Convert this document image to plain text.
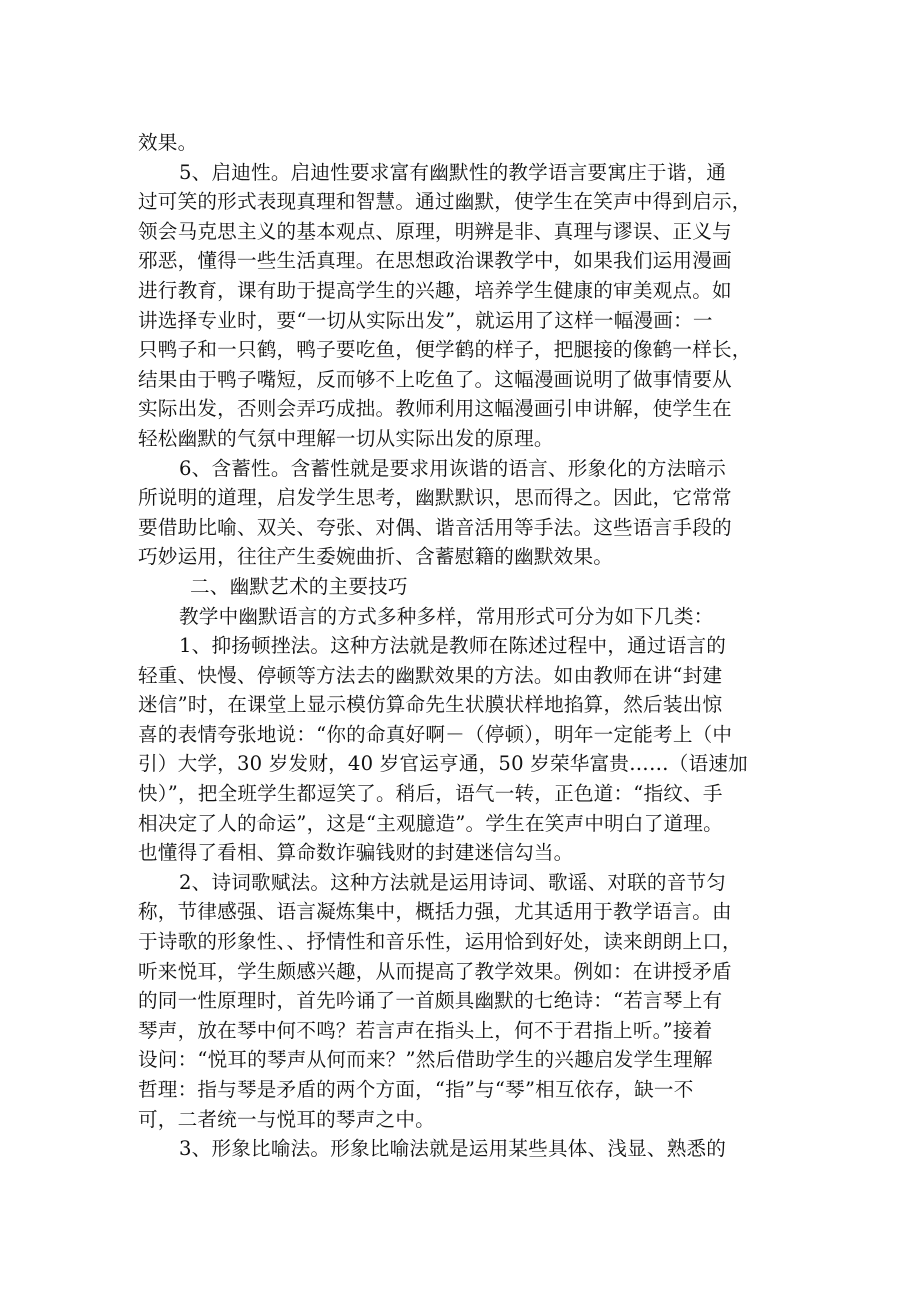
效果。
5、启迪性。启迪性要求富有幽默性的教学语言要寓庄于谐，通
过可笑的形式表现真理和智慧。通过幽默，使学生在笑声中得到启示，
领会马克思主义的基本观点、原理，明辨是非、真理与谬误、正义与
邪恶，懂得一些生活真理。在思想政治课教学中，如果我们运用漫画
进行教育，课有助于提高学生的兴趣，培养学生健康的审美观点。如
讲选择专业时，要“一切从实际出发”，就运用了这样一幅漫画：一
只鸭子和一只鹤，鸭子要吃鱼，便学鹤的样子，把腿接的像鹤一样长，
结果由于鸭子嘴短，反而够不上吃鱼了。这幅漫画说明了做事情要从
实际出发，否则会弄巧成拙。教师利用这幅漫画引申讲解，使学生在
轻松幽默的气氛中理解一切从实际出发的原理。
6、含蓄性。含蓄性就是要求用诙谐的语言、形象化的方法暗示
所说明的道理，启发学生思考，幽默默识，思而得之。因此，它常常
要借助比喻、双关、夸张、对偶、谐音活用等手法。这些语言手段的
巧妙运用，往往产生委婉曲折、含蓄慰籍的幽默效果。
二、幽默艺术的主要技巧
教学中幽默语言的方式多种多样，常用形式可分为如下几类：
1、抑扬顿挫法。这种方法就是教师在陈述过程中，通过语言的
轻重、快慢、停顿等方法去的幽默效果的方法。如由教师在讲“封建
迷信”时，在课堂上显示模仿算命先生状膜状样地掐算，然后装出惊
喜的表情夸张地说：“你的命真好啊－（停顿），明年一定能考上（中
引）大学，30 岁发财，40 岁官运亨通，50 岁荣华富贵……（语速加
快）”，把全班学生都逗笑了。稍后，语气一转，正色道：“指纹、手
相决定了人的命运”，这是“主观臆造”。学生在笑声中明白了道理。
也懂得了看相、算命数诈骗钱财的封建迷信勾当。
2、诗词歌赋法。这种方法就是运用诗词、歌谣、对联的音节匀
称，节律感强、语言凝炼集中，概括力强，尤其适用于教学语言。由
于诗歌的形象性、、抒情性和音乐性，运用恰到好处，读来朗朗上口，
听来悦耳，学生颇感兴趣，从而提高了教学效果。例如：在讲授矛盾
的同一性原理时，首先吟诵了一首颇具幽默的七绝诗：“若言琴上有
琴声，放在琴中何不鸣？若言声在指头上，何不于君指上听。”接着
设问：“悦耳的琴声从何而来？”然后借助学生的兴趣启发学生理解
哲理：指与琴是矛盾的两个方面，“指”与“琴”相互依存，缺一不
可，二者统一与悦耳的琴声之中。
3、形象比喻法。形象比喻法就是运用某些具体、浅显、熟悉的
